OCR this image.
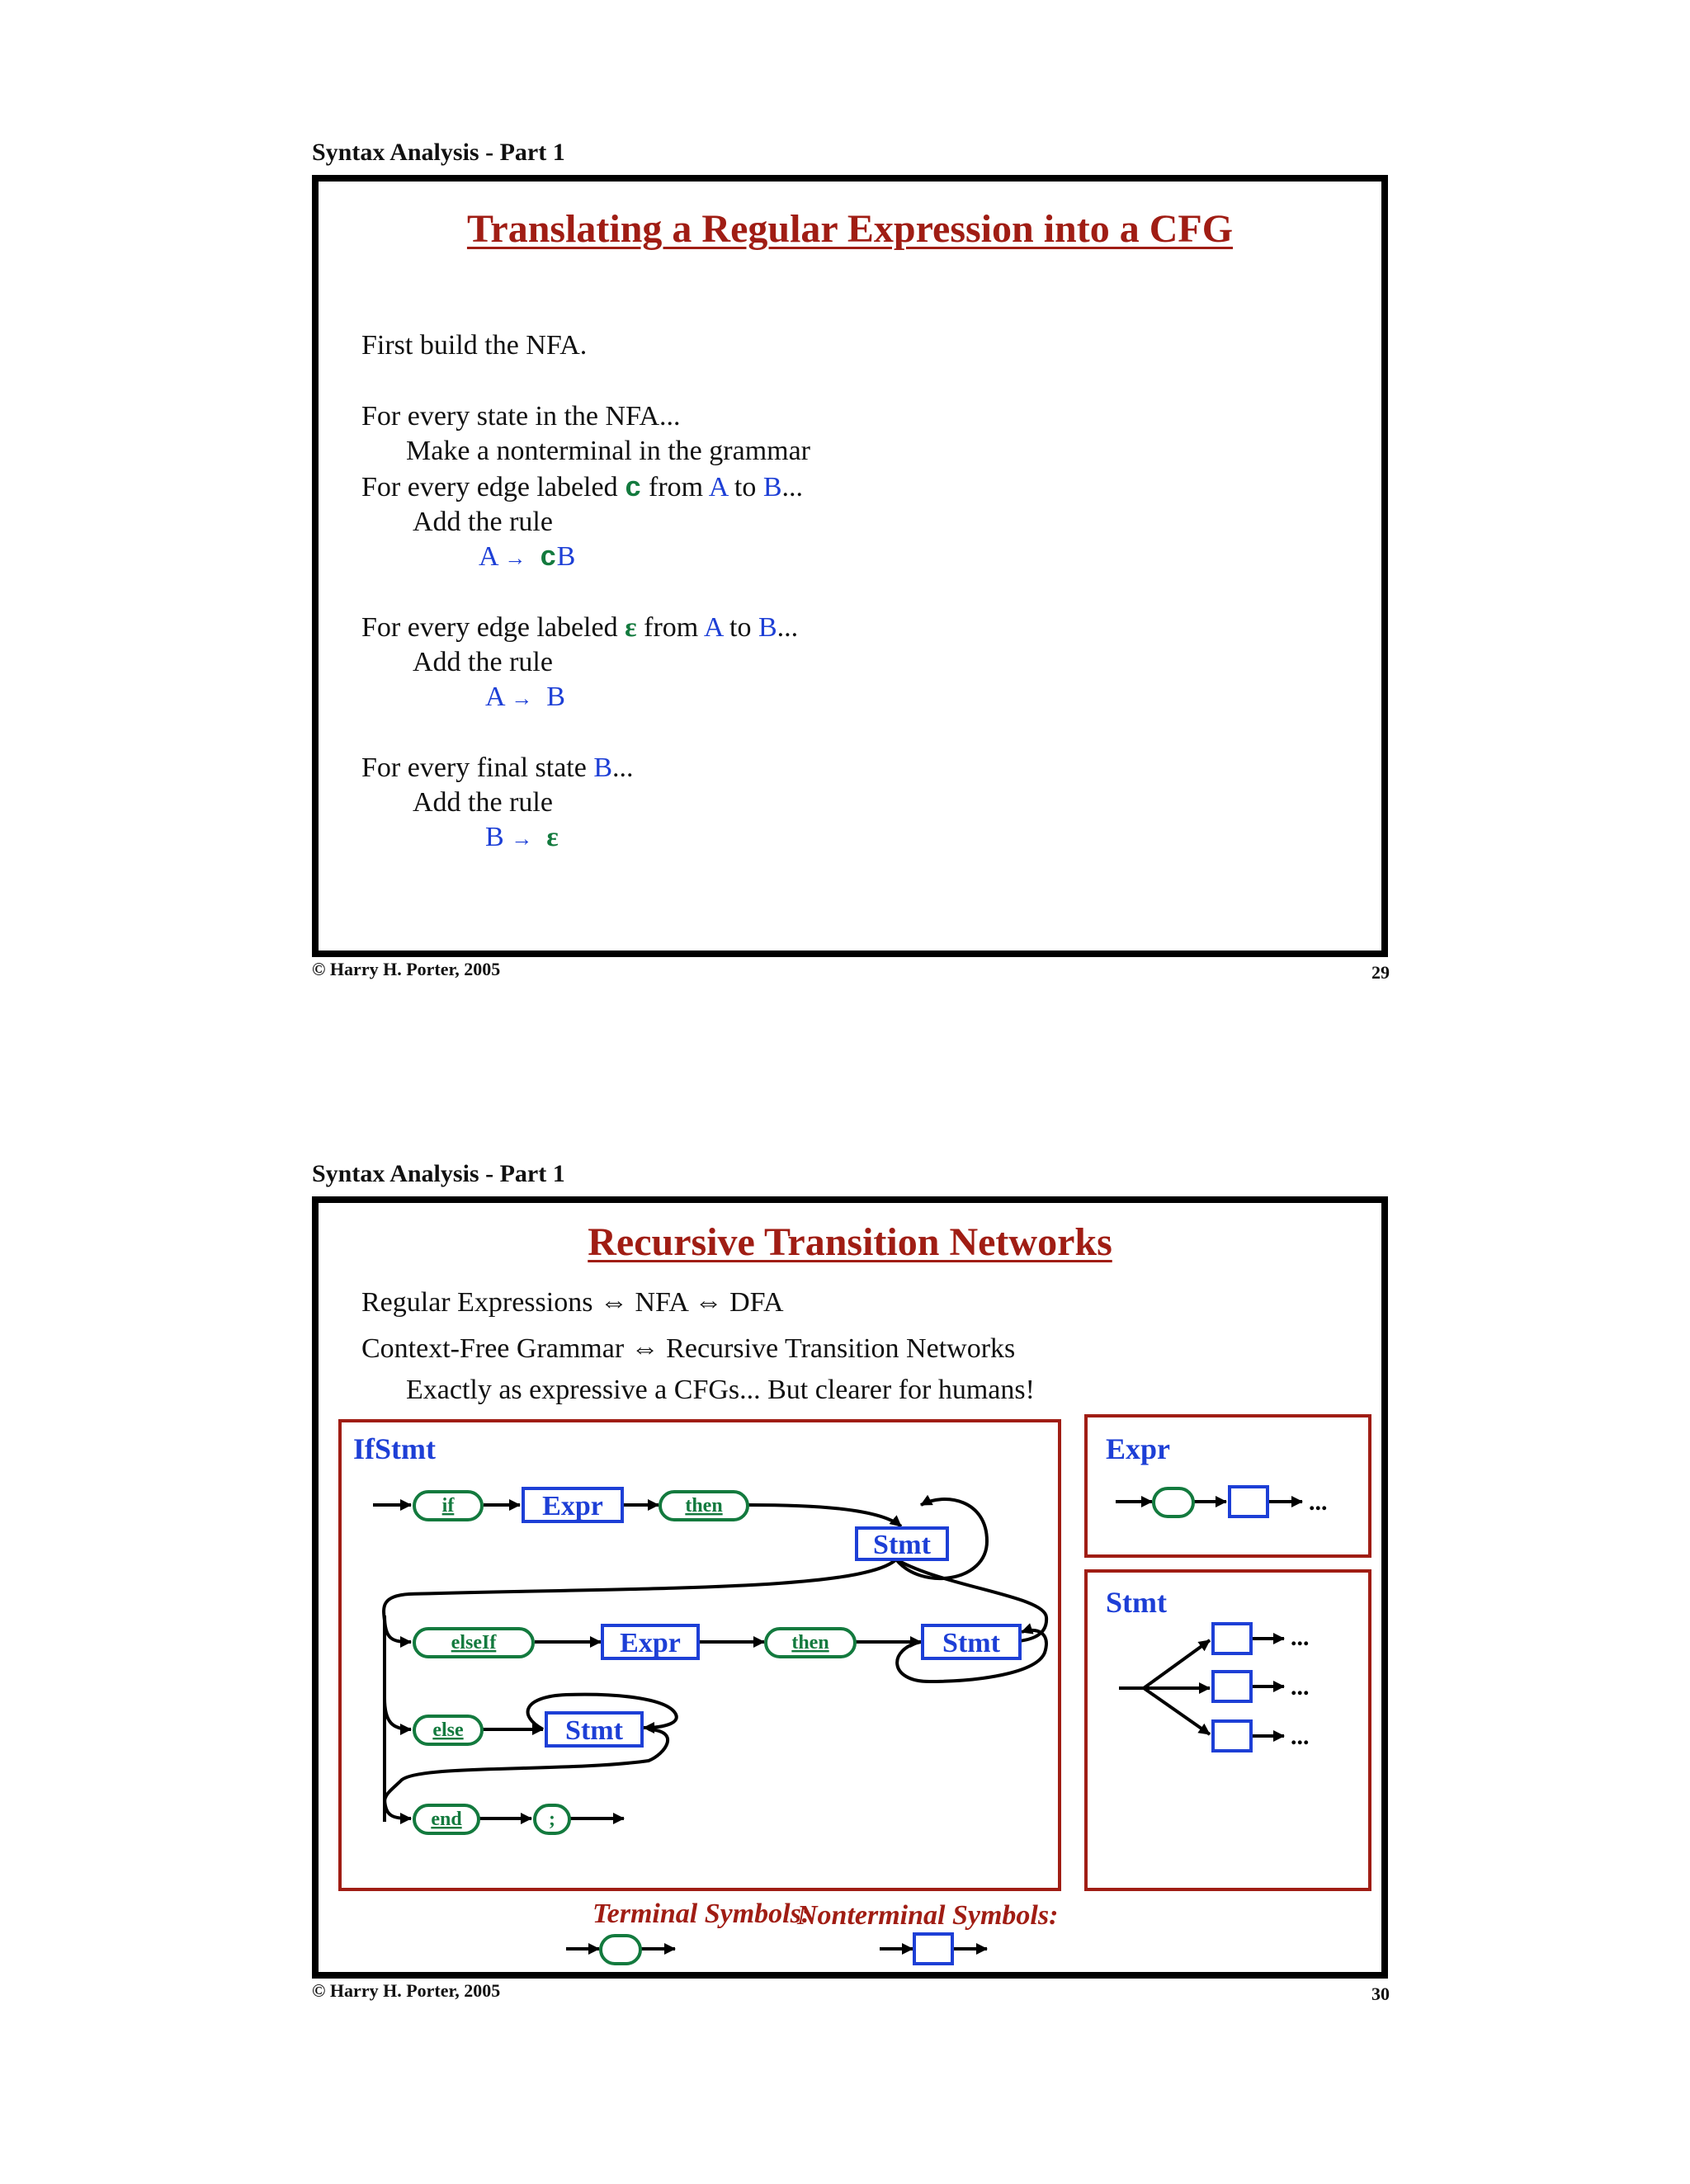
Syntax Analysis - Part 1
Translating a Regular Expression into a CFG
First build the NFA.
For every state in the NFA...
Make a nonterminal in the grammar
For every edge labeled c from A to B...
Add the rule
A → cB
For every edge labeled ε from A to B...
Add the rule
A → B
For every final state B...
Add the rule
B → ε
© Harry H. Porter, 2005	29
Syntax Analysis - Part 1
Recursive Transition Networks
Regular Expressions ⇔ NFA ⇔ DFA
Context-Free Grammar ⇔ Recursive Transition Networks
Exactly as expressive a CFGs... But clearer for humans!
IfStmt
if	then
elseIf	then
else
end	;
Expr
Stmt
Expr	Stmt
Stmt
Expr
...
Stmt
...
...
...
Terminal Symbols:
Nonterminal Symbols:
© Harry H. Porter, 2005	30
